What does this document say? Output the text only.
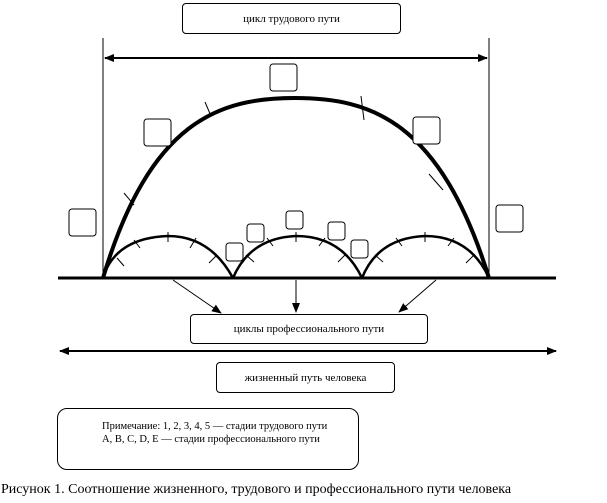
цикл трудового пути
циклы профессионального пути
жизненный путь человека
Примечание: 1, 2, 3, 4, 5 — стадии трудового пути
A, B, C, D, E — стадии профессионального пути
Рисунок 1. Соотношение жизненного, трудового и профессионального пути человека
